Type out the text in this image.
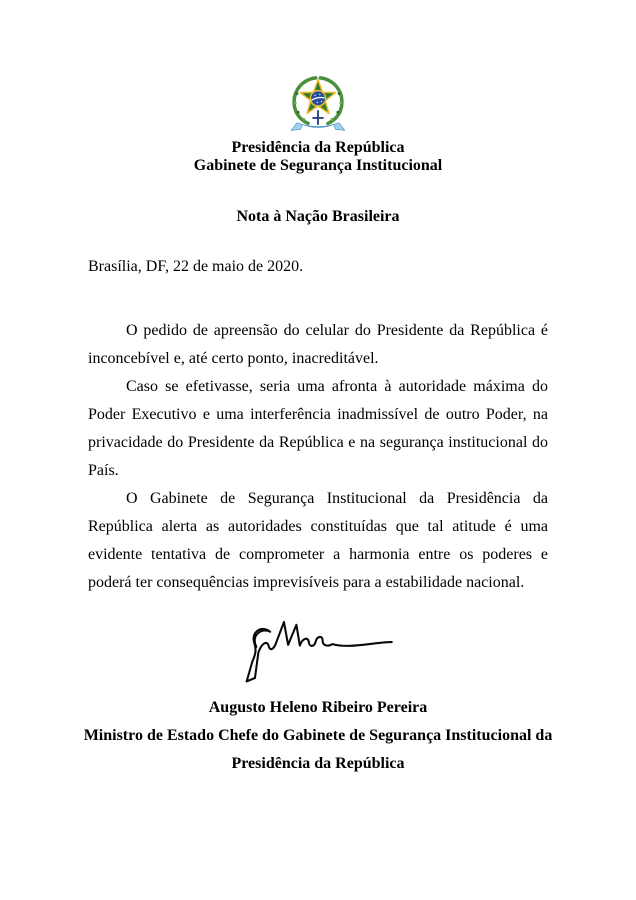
Presidência da República
Gabinete de Segurança Institucional
Nota à Nação Brasileira
Brasília, DF, 22 de maio de 2020.

O pedido de apreensão do celular do Presidente da República é inconcebível e, até certo ponto, inacreditável.

Caso se efetivasse, seria uma afronta à autoridade máxima do Poder Executivo e uma interferência inadmissível de outro Poder, na privacidade do Presidente da República e na segurança institucional do País.

O Gabinete de Segurança Institucional da Presidência da República alerta as autoridades constituídas que tal atitude é uma evidente tentativa de comprometer a harmonia entre os poderes e poderá ter consequências imprevisíveis para a estabilidade nacional.

Augusto Heleno Ribeiro Pereira
Ministro de Estado Chefe do Gabinete de Segurança Institucional da
Presidência da República
